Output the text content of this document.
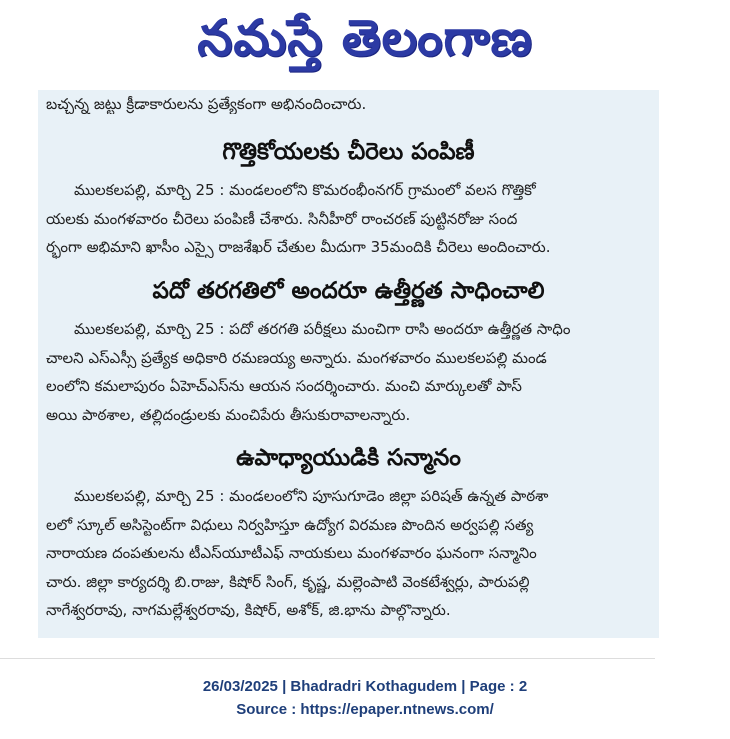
నమస్తే తెలంగాణ
బచ్చన్న జట్టు క్రీడాకారులను ప్రత్యేకంగా అభినందించారు.
గొత్తికోయలకు చీరెలు పంపిణీ
ములకలపల్లి, మార్చి 25 : మండలంలోని కొమరంభీంనగర్ గ్రామంలో వలస గొత్తికో
యలకు మంగళవారం చీరెలు పంపిణీ చేశారు. సినీహీరో రాంచరణ్ పుట్టినరోజు సంద
ర్భంగా అభిమాని ఖాసీం ఎస్సై రాజశేఖర్ చేతుల మీదుగా 35మందికి చీరెలు అందించారు.
పదో తరగతిలో అందరూ ఉత్తీర్ణత సాధించాలి
ములకలపల్లి, మార్చి 25 : పదో తరగతి పరీక్షలు మంచిగా రాసి అందరూ ఉత్తీర్ణత సాధిం
చాలని ఎస్ఎస్సీ ప్రత్యేక అధికారి రమణయ్య అన్నారు. మంగళవారం ములకలపల్లి మండ
లంలోని కమలాపురం ఏహెచ్ఎస్‌ను ఆయన సందర్శించారు. మంచి మార్కులతో పాస్
అయి పాఠశాల, తల్లిదండ్రులకు మంచిపేరు తీసుకురావాలన్నారు.
ఉపాధ్యాయుడికి సన్మానం
ములకలపల్లి, మార్చి 25 : మండలంలోని పూసుగూడెం జిల్లా పరిషత్ ఉన్నత పాఠశా
లలో స్కూల్ అసిస్టెంట్‌గా విధులు నిర్వహిస్తూ ఉద్యోగ విరమణ పొందిన అర్వపల్లి సత్య
నారాయణ దంపతులను టీఎస్‌యూటీఎఫ్ నాయకులు మంగళవారం ఘనంగా సన్మానిం
చారు. జిల్లా కార్యదర్శి బి.రాజు, కిషోర్ సింగ్, కృష్ణ, మల్లెంపాటి వెంకటేశ్వర్లు, పారుపల్లి
నాగేశ్వరరావు, నాగమల్లేశ్వరరావు, కిషోర్, అశోక్, జి.భాను పాల్గొన్నారు.
26/03/2025 | Bhadradri Kothagudem | Page : 2
Source : https://epaper.ntnews.com/
